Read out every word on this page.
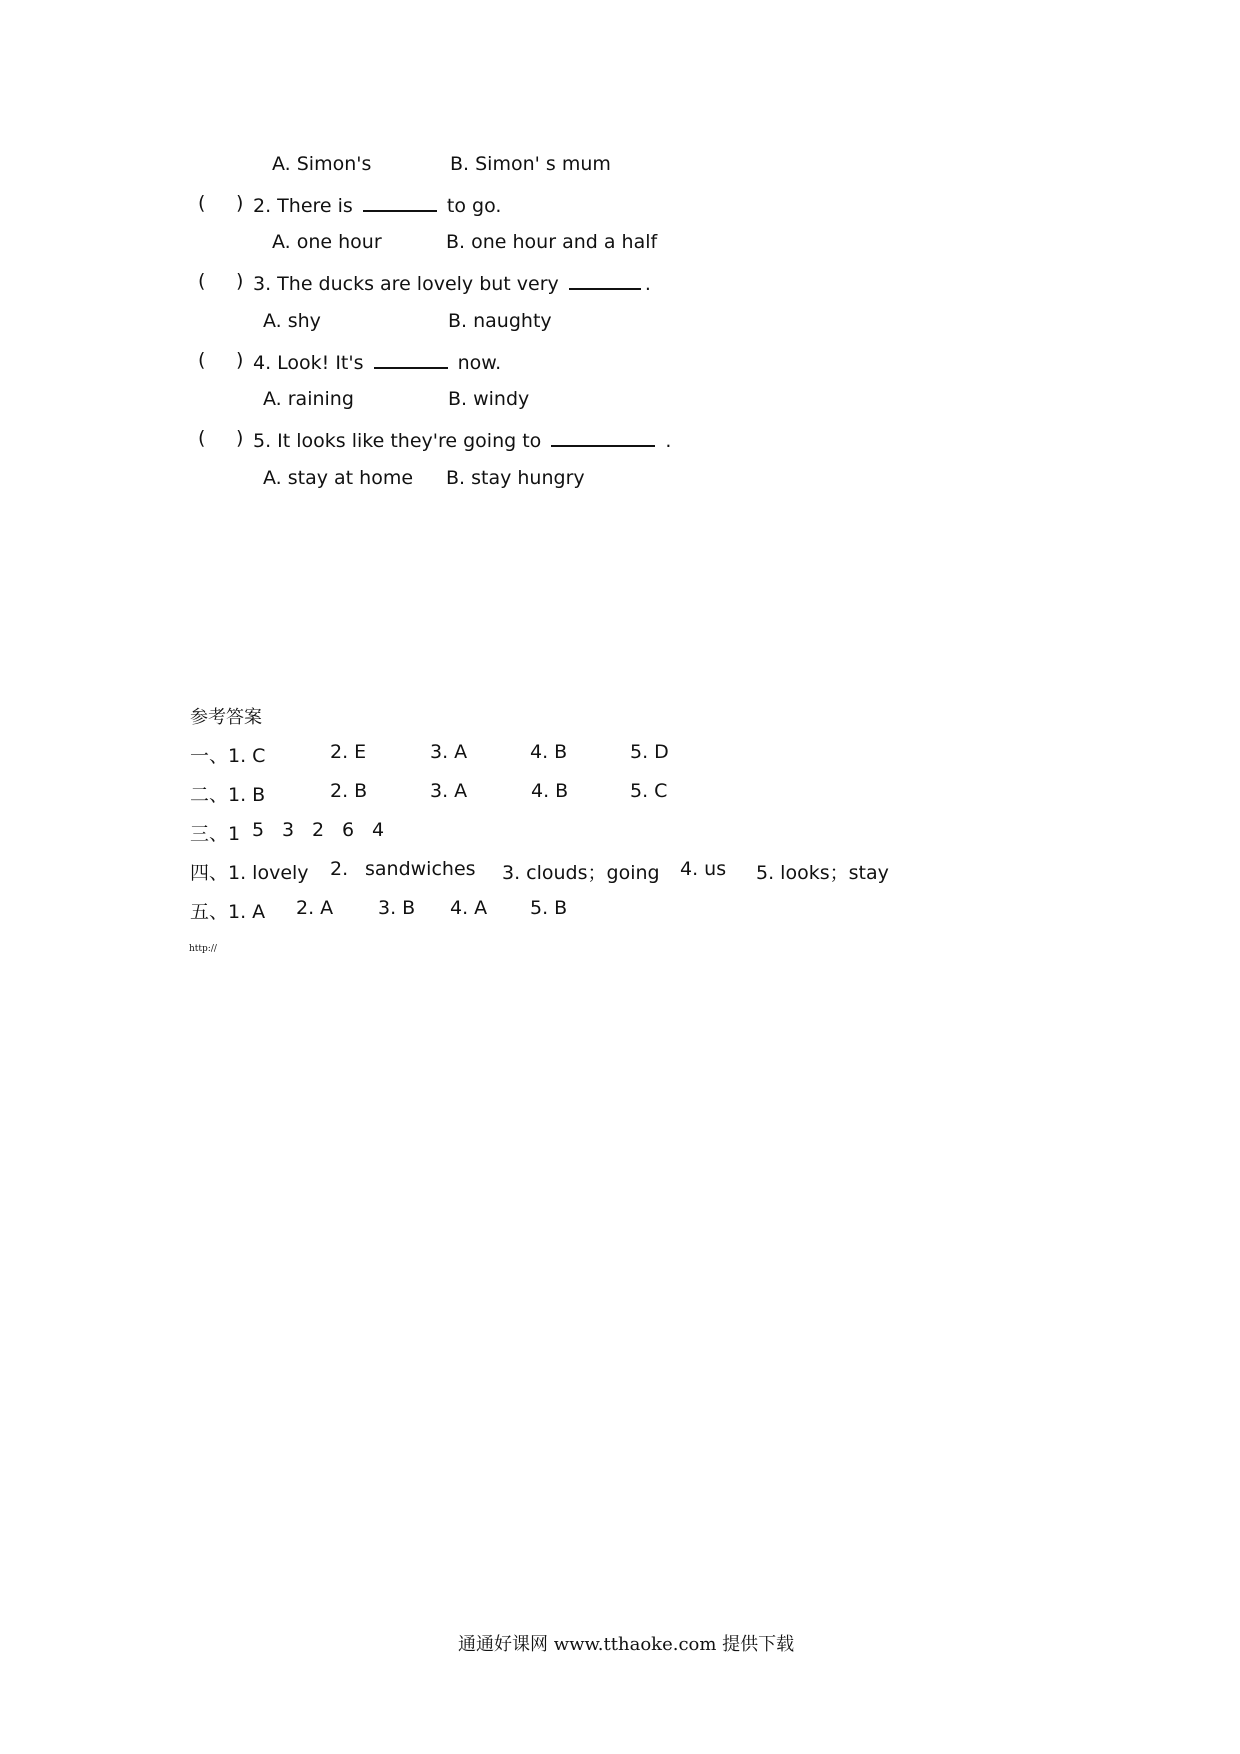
A. Simon's	B. Simon' s mum
( ) 2. There is	to go.
A. one hour	B. one hour and a half
( ) 3. The ducks are lovely but very	.
A. shy	B. naughty
( ) 4. Look! It's	now.
A. raining	B. windy
( ) 5. It looks like they're going to	.
A. stay at home B. stay hungry
参考答案
一、1. C	2. E	3. A	4. B	5. D
二、1. B	2. B	3. A	4. B	5. C
三、1 5 3 2 6 4
四、1. lovely 2. sandwiches 3. clouds；going 4. us 5. looks；stay
五、1. A 2. A 3. B 4. A 5. B
http://
通通好课网 www.tthaoke.com 提供下载
